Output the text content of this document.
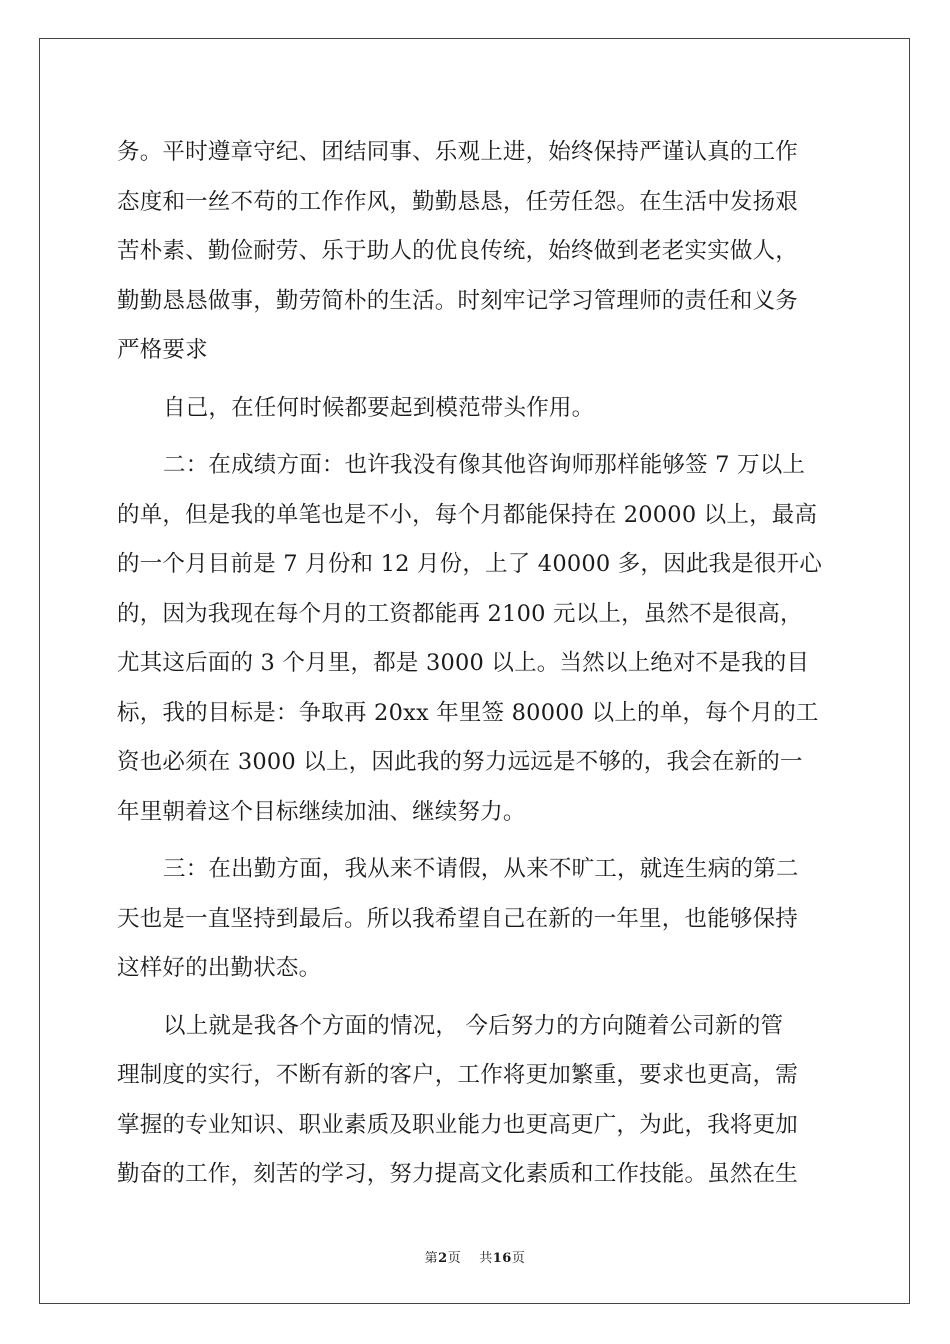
务。平时遵章守纪、团结同事、乐观上进，始终保持严谨认真的工作
态度和一丝不苟的工作作风，勤勤恳恳，任劳任怨。在生活中发扬艰
苦朴素、勤俭耐劳、乐于助人的优良传统，始终做到老老实实做人，
勤勤恳恳做事，勤劳简朴的生活。时刻牢记学习管理师的责任和义务
严格要求

自己，在任何时候都要起到模范带头作用。

二：在成绩方面：也许我没有像其他咨询师那样能够签 7 万以上
的单，但是我的单笔也是不小，每个月都能保持在 20000 以上，最高
的一个月目前是 7 月份和 12 月份，上了 40000 多，因此我是很开心
的，因为我现在每个月的工资都能再 2100 元以上，虽然不是很高，
尤其这后面的 3 个月里，都是 3000 以上。当然以上绝对不是我的目
标，我的目标是：争取再 20xx 年里签 80000 以上的单，每个月的工
资也必须在 3000 以上，因此我的努力远远是不够的，我会在新的一
年里朝着这个目标继续加油、继续努力。

三：在出勤方面，我从来不请假，从来不旷工，就连生病的第二
天也是一直坚持到最后。所以我希望自己在新的一年里，也能够保持
这样好的出勤状态。

以上就是我各个方面的情况， 今后努力的方向随着公司新的管
理制度的实行，不断有新的客户，工作将更加繁重，要求也更高，需
掌握的专业知识、职业素质及职业能力也更高更广，为此，我将更加
勤奋的工作，刻苦的学习，努力提高文化素质和工作技能。虽然在生

第2页 共16页
